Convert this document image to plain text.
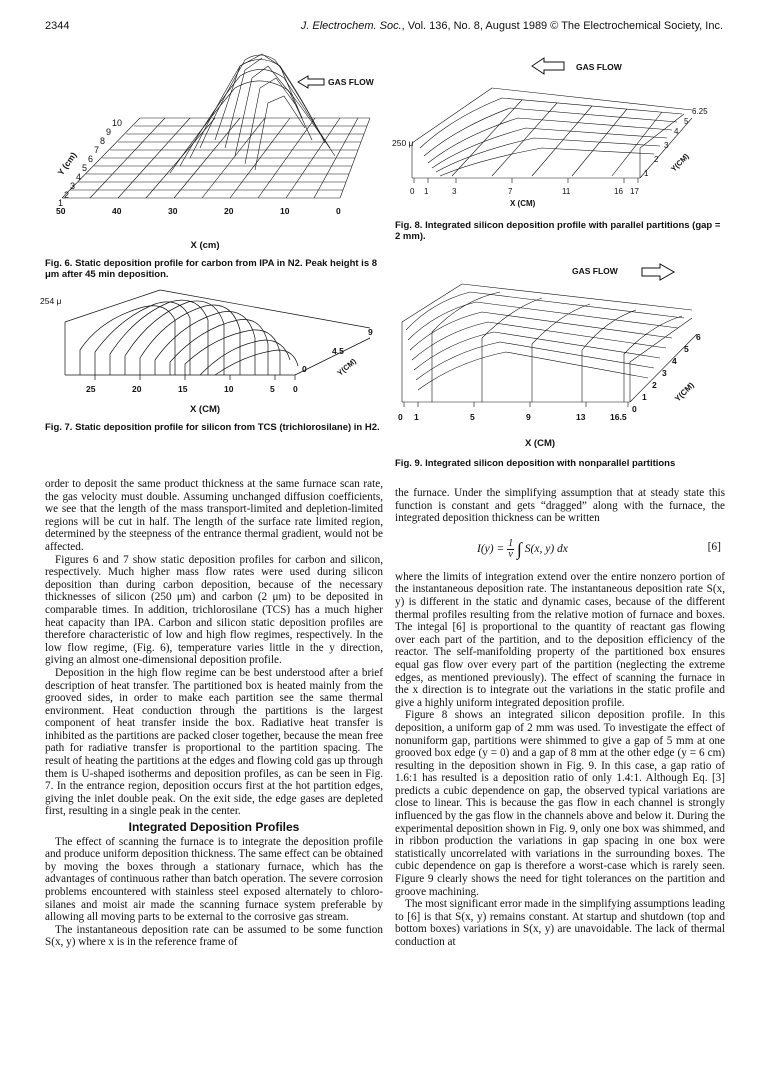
2344	J. Electrochem. Soc., Vol. 136, No. 8, August 1989 © The Electrochemical Society, Inc.
GAS FLOW
1
2
3
4
5
6
7
8
9
10
Y (cm)
50	40	30	20	10	0
X (cm)
Fig. 6. Static deposition profile for carbon from IPA in N2. Peak height is 8 μm after 45 min deposition.
254 μ
25	20	15	10	5 0
9
4.5
0	Y(CM)
X (CM)
Fig. 7. Static deposition profile for silicon from TCS (trichlorosilane) in H2.
GAS FLOW
250 μ
0 1	3	7	11	16 17
1
2
3
4
5
6.25
Y(CM)
X (CM)
Fig. 8. Integrated silicon deposition profile with parallel partitions (gap = 2 mm).
GAS FLOW
0 1	5	9	13	16.5
0
1
2
3
4
5
6
Y(CM)
X (CM)
Fig. 9. Integrated silicon deposition with nonparallel partitions

order to deposit the same product thickness at the same furnace scan rate, the gas velocity must double. Assuming unchanged diffusion coefficients, we see that the length of the mass transport-limited and depletion-limited regions will be cut in half. The length of the surface rate limited region, determined by the steepness of the entrance thermal gradient, would not be affected.

Figures 6 and 7 show static deposition profiles for carbon and silicon, respectively. Much higher mass flow rates were used during silicon deposition than during carbon deposition, because of the necessary thicknesses of silicon (250 μm) and carbon (2 μm) to be deposited in comparable times. In addition, trichlorosilane (TCS) has a much higher heat capacity than IPA. Carbon and silicon static deposition profiles are therefore characteristic of low and high flow regimes, respectively. In the low flow regime, (Fig. 6), temperature varies little in the y direction, giving an almost one-dimensional deposition profile.

Deposition in the high flow regime can be best understood after a brief description of heat transfer. The partitioned box is heated mainly from the grooved sides, in order to make each partition see the same thermal environment. Heat conduction through the partitions is the largest component of heat transfer inside the box. Radiative heat transfer is inhibited as the partitions are packed closer together, because the mean free path for radiative transfer is proportional to the partition spacing. The result of heating the partitions at the edges and flowing cold gas up through them is U-shaped isotherms and deposition profiles, as can be seen in Fig. 7. In the entrance region, deposition occurs first at the hot partition edges, giving the inlet double peak. On the exit side, the edge gases are depleted first, resulting in a single peak in the center.

Integrated Deposition Profiles

The effect of scanning the furnace is to integrate the deposition profile and produce uniform deposition thickness. The same effect can be obtained by moving the boxes through a stationary furnace, which has the advantages of continuous rather than batch operation. The severe corrosion problems encountered with stainless steel exposed alternately to chloro-silanes and moist air made the scanning furnace system preferable by allowing all moving parts to be external to the corrosive gas stream.

The instantaneous deposition rate can be assumed to be some function S(x, y) where x is in the reference frame of

the furnace. Under the simplifying assumption that at steady state this function is constant and gets “dragged” along with the furnace, the integrated deposition thickness can be written

$I(y) = \frac{1}{v}$ ∫ S(x, y) dx	[6]

where the limits of integration extend over the entire nonzero portion of the instantaneous deposition rate. The instantaneous deposition rate S(x, y) is different in the static and dynamic cases, because of the different thermal profiles resulting from the relative motion of furnace and boxes. The integal [6] is proportional to the quantity of reactant gas flowing over each part of the partition, and to the deposition efficiency of the reactor. The self-manifolding property of the partitioned box ensures equal gas flow over every part of the partition (neglecting the extreme edges, as mentioned previously). The effect of scanning the furnace in the x direction is to integrate out the variations in the static profile and give a highly uniform integrated deposition profile.

Figure 8 shows an integrated silicon deposition profile. In this deposition, a uniform gap of 2 mm was used. To investigate the effect of nonuniform gap, partitions were shimmed to give a gap of 5 mm at one grooved box edge (y = 0) and a gap of 8 mm at the other edge (y = 6 cm) resulting in the deposition shown in Fig. 9. In this case, a gap ratio of 1.6:1 has resulted is a deposition ratio of only 1.4:1. Although Eq. [3] predicts a cubic dependence on gap, the observed typical variations are close to linear. This is because the gas flow in each channel is strongly influenced by the gas flow in the channels above and below it. During the experimental deposition shown in Fig. 9, only one box was shimmed, and in ribbon production the variations in gap spacing in one box were statistically uncorrelated with variations in the surrounding boxes. The cubic dependence on gap is therefore a worst-case which is rarely seen. Figure 9 clearly shows the need for tight tolerances on the partition and groove machining.

The most significant error made in the simplifying assumptions leading to [6] is that S(x, y) remains constant. At startup and shutdown (top and bottom boxes) variations in S(x, y) are unavoidable. The lack of thermal conduction at
